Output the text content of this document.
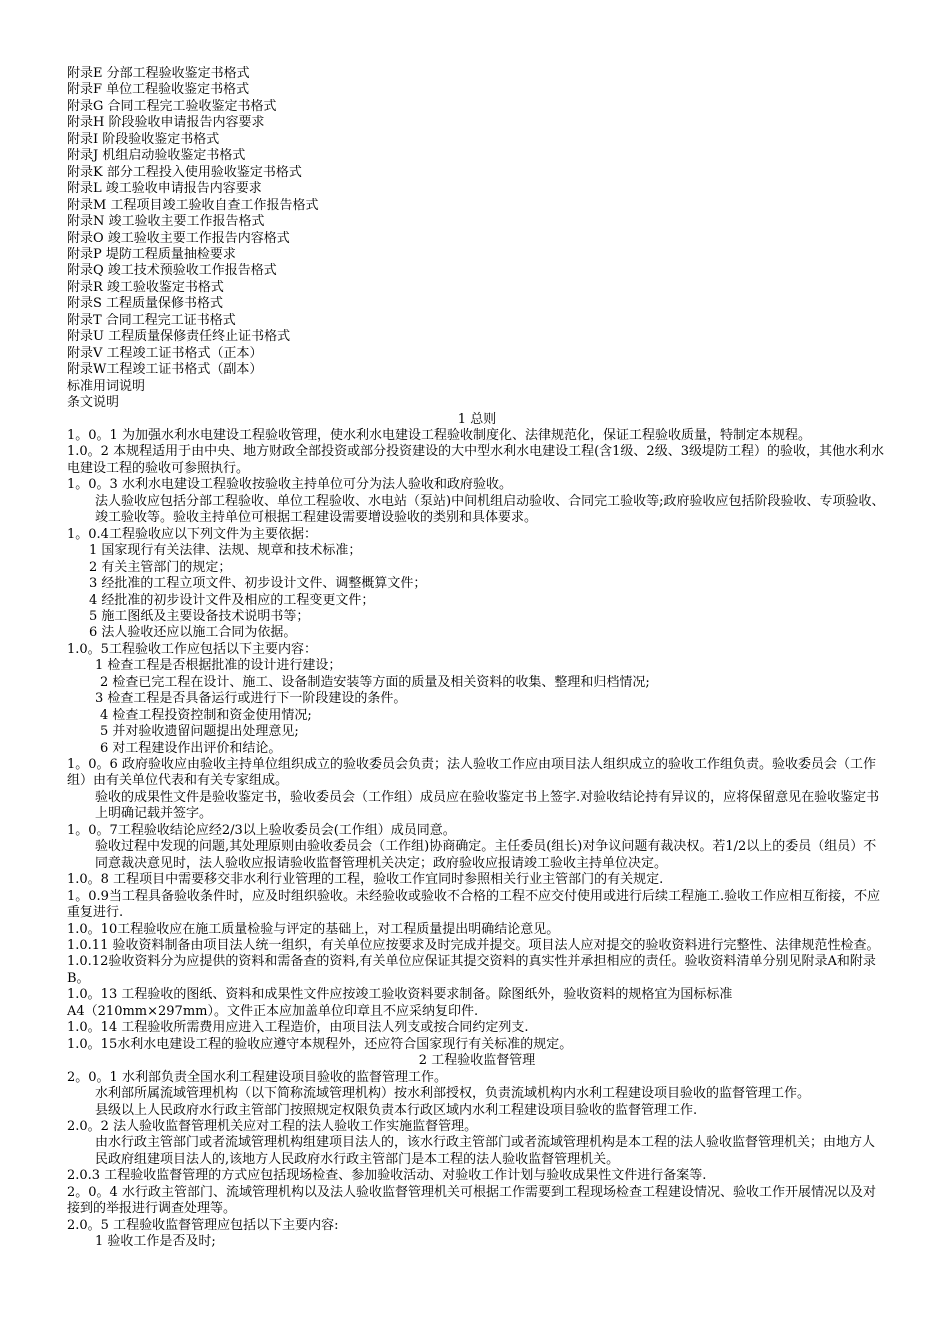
附录E 分部工程验收鉴定书格式

附录F 单位工程验收鉴定书格式

附录G 合同工程完工验收鉴定书格式

附录H 阶段验收申请报告内容要求

附录I 阶段验收鉴定书格式

附录J 机组启动验收鉴定书格式

附录K 部分工程投入使用验收鉴定书格式

附录L 竣工验收申请报告内容要求

附录M 工程项目竣工验收自查工作报告格式

附录N 竣工验收主要工作报告格式

附录O 竣工验收主要工作报告内容格式

附录P 堤防工程质量抽检要求

附录Q 竣工技术预验收工作报告格式

附录R 竣工验收鉴定书格式

附录S 工程质量保修书格式

附录T 合同工程完工证书格式

附录U 工程质量保修责任终止证书格式

附录V 工程竣工证书格式（正本）

附录W工程竣工证书格式（副本）

标准用词说明

条文说明

1 总则

1。0。1 为加强水利水电建设工程验收管理，使水利水电建设工程验收制度化、法律规范化，保证工程验收质量，特制定本规程。

1.0。2 本规程适用于由中央、地方财政全部投资或部分投资建设的大中型水利水电建设工程(含1级、2级、3级堤防工程）的验收，其他水利水电建设工程的验收可参照执行。

1。0。3 水利水电建设工程验收按验收主持单位可分为法人验收和政府验收。

法人验收应包括分部工程验收、单位工程验收、水电站（泵站)中间机组启动验收、合同完工验收等;政府验收应包括阶段验收、专项验收、竣工验收等。验收主持单位可根据工程建设需要增设验收的类别和具体要求。

1。0.4工程验收应以下列文件为主要依据：

1 国家现行有关法律、法规、规章和技术标准；

2 有关主管部门的规定；

3 经批准的工程立项文件、初步设计文件、调整概算文件；

4 经批准的初步设计文件及相应的工程变更文件；

5 施工图纸及主要设备技术说明书等；

6 法人验收还应以施工合同为依据。

1.0。5工程验收工作应包括以下主要内容：

1 检查工程是否根据批准的设计进行建设；

2 检查已完工程在设计、施工、设备制造安装等方面的质量及相关资料的收集、整理和归档情况;

3 检查工程是否具备运行或进行下一阶段建设的条件。

4 检查工程投资控制和资金使用情况;

5 并对验收遗留问题提出处理意见;

6 对工程建设作出评价和结论。

1。0。6 政府验收应由验收主持单位组织成立的验收委员会负责；法人验收工作应由项目法人组织成立的验收工作组负责。验收委员会（工作组）由有关单位代表和有关专家组成。

验收的成果性文件是验收鉴定书，验收委员会（工作组）成员应在验收鉴定书上签字.对验收结论持有异议的，应将保留意见在验收鉴定书上明确记载并签字。

1。0。7工程验收结论应经2/3以上验收委员会(工作组）成员同意。

验收过程中发现的问题,其处理原则由验收委员会（工作组)协商确定。主任委员(组长)对争议问题有裁决权。若1/2以上的委员（组员）不同意裁决意见时，法人验收应报请验收监督管理机关决定；政府验收应报请竣工验收主持单位决定。

1.0。8 工程项目中需要移交非水利行业管理的工程，验收工作宜同时参照相关行业主管部门的有关规定.

1。0.9当工程具备验收条件时，应及时组织验收。未经验收或验收不合格的工程不应交付使用或进行后续工程施工.验收工作应相互衔接，不应重复进行.

1.0。10工程验收应在施工质量检验与评定的基础上，对工程质量提出明确结论意见。

1.0.11 验收资料制备由项目法人统一组织，有关单位应按要求及时完成并提交。项目法人应对提交的验收资料进行完整性、法律规范性检查。

1.0.12验收资料分为应提供的资料和需备查的资料,有关单位应保证其提交资料的真实性并承担相应的责任。验收资料清单分别见附录A和附录B。

1.0。13 工程验收的图纸、资料和成果性文件应按竣工验收资料要求制备。除图纸外，验收资料的规格宜为国标标准

A4（210mm×297mm）。文件正本应加盖单位印章且不应采纳复印件.

1.0。14 工程验收所需费用应进入工程造价，由项目法人列支或按合同约定列支.

1.0。15水利水电建设工程的验收应遵守本规程外，还应符合国家现行有关标准的规定。

2 工程验收监督管理

2。0。1 水利部负责全国水利工程建设项目验收的监督管理工作。

水利部所属流域管理机构（以下简称流域管理机构）按水利部授权，负责流域机构内水利工程建设项目验收的监督管理工作。

县级以上人民政府水行政主管部门按照规定权限负责本行政区域内水利工程建设项目验收的监督管理工作.

2.0。2 法人验收监督管理机关应对工程的法人验收工作实施监督管理。

由水行政主管部门或者流域管理机构组建项目法人的，该水行政主管部门或者流域管理机构是本工程的法人验收监督管理机关；由地方人民政府组建项目法人的,该地方人民政府水行政主管部门是本工程的法人验收监督管理机关。

2.0.3 工程验收监督管理的方式应包括现场检查、参加验收活动、对验收工作计划与验收成果性文件进行备案等.

2。0。4 水行政主管部门、流域管理机构以及法人验收监督管理机关可根据工作需要到工程现场检查工程建设情况、验收工作开展情况以及对接到的举报进行调查处理等。

2.0。5 工程验收监督管理应包括以下主要内容:

1 验收工作是否及时;
